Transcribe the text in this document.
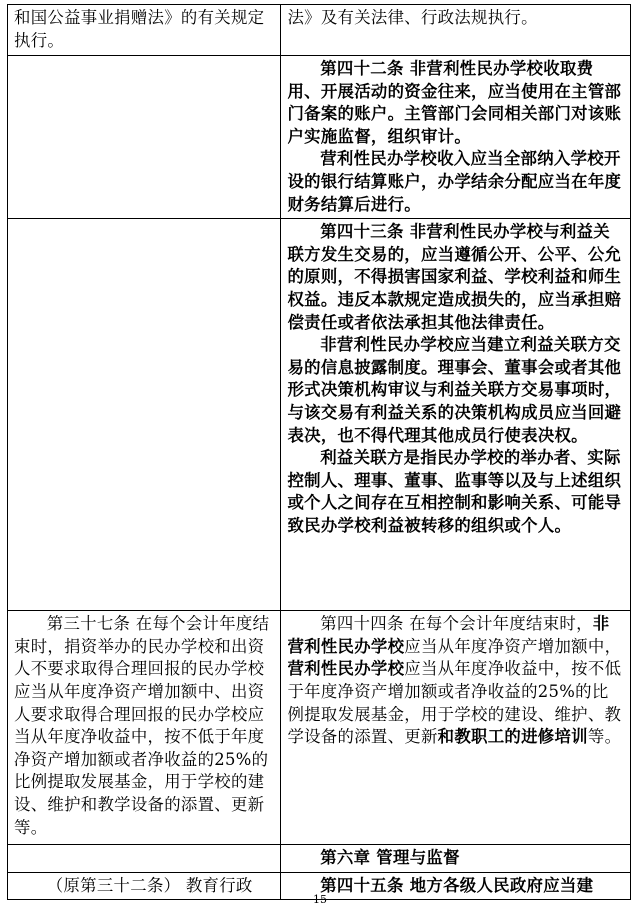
和国公益事业捐赠法》的有关规定执行。	法》及有关法律、行政法规执行。

	第四十二条 非营利性民办学校收取费用、开展活动的资金往来，应当使用在主管部门备案的账户。主管部门会同相关部门对该账户实施监督，组织审计。

营利性民办学校收入应当全部纳入学校开设的银行结算账户，办学结余分配应当在年度财务结算后进行。

	第四十三条 非营利性民办学校与利益关联方发生交易的，应当遵循公开、公平、公允的原则，不得损害国家利益、学校利益和师生权益。违反本款规定造成损失的，应当承担赔偿责任或者依法承担其他法律责任。

非营利性民办学校应当建立利益关联方交易的信息披露制度。理事会、董事会或者其他形式决策机构审议与利益关联方交易事项时，与该交易有利益关系的决策机构成员应当回避表决，也不得代理其他成员行使表决权。

利益关联方是指民办学校的举办者、实际控制人、理事、董事、监事等以及与上述组织或个人之间存在互相控制和影响关系、可能导致民办学校利益被转移的组织或个人。

第三十七条 在每个会计年度结束时，捐资举办的民办学校和出资人不要求取得合理回报的民办学校应当从年度净资产增加额中、出资人要求取得合理回报的民办学校应当从年度净收益中，按不低于年度净资产增加额或者净收益的25%的比例提取发展基金，用于学校的建设、维护和教学设备的添置、更新等。	第四十四条 在每个会计年度结束时，非营利性民办学校应当从年度净资产增加额中，营利性民办学校应当从年度净收益中，按不低于年度净资产增加额或者净收益的25%的比例提取发展基金，用于学校的建设、维护、教学设备的添置、更新和教职工的进修培训等。

	第六章 管理与监督

（原第三十二条） 教育行政	第四十五条 地方各级人民政府应当建

15
